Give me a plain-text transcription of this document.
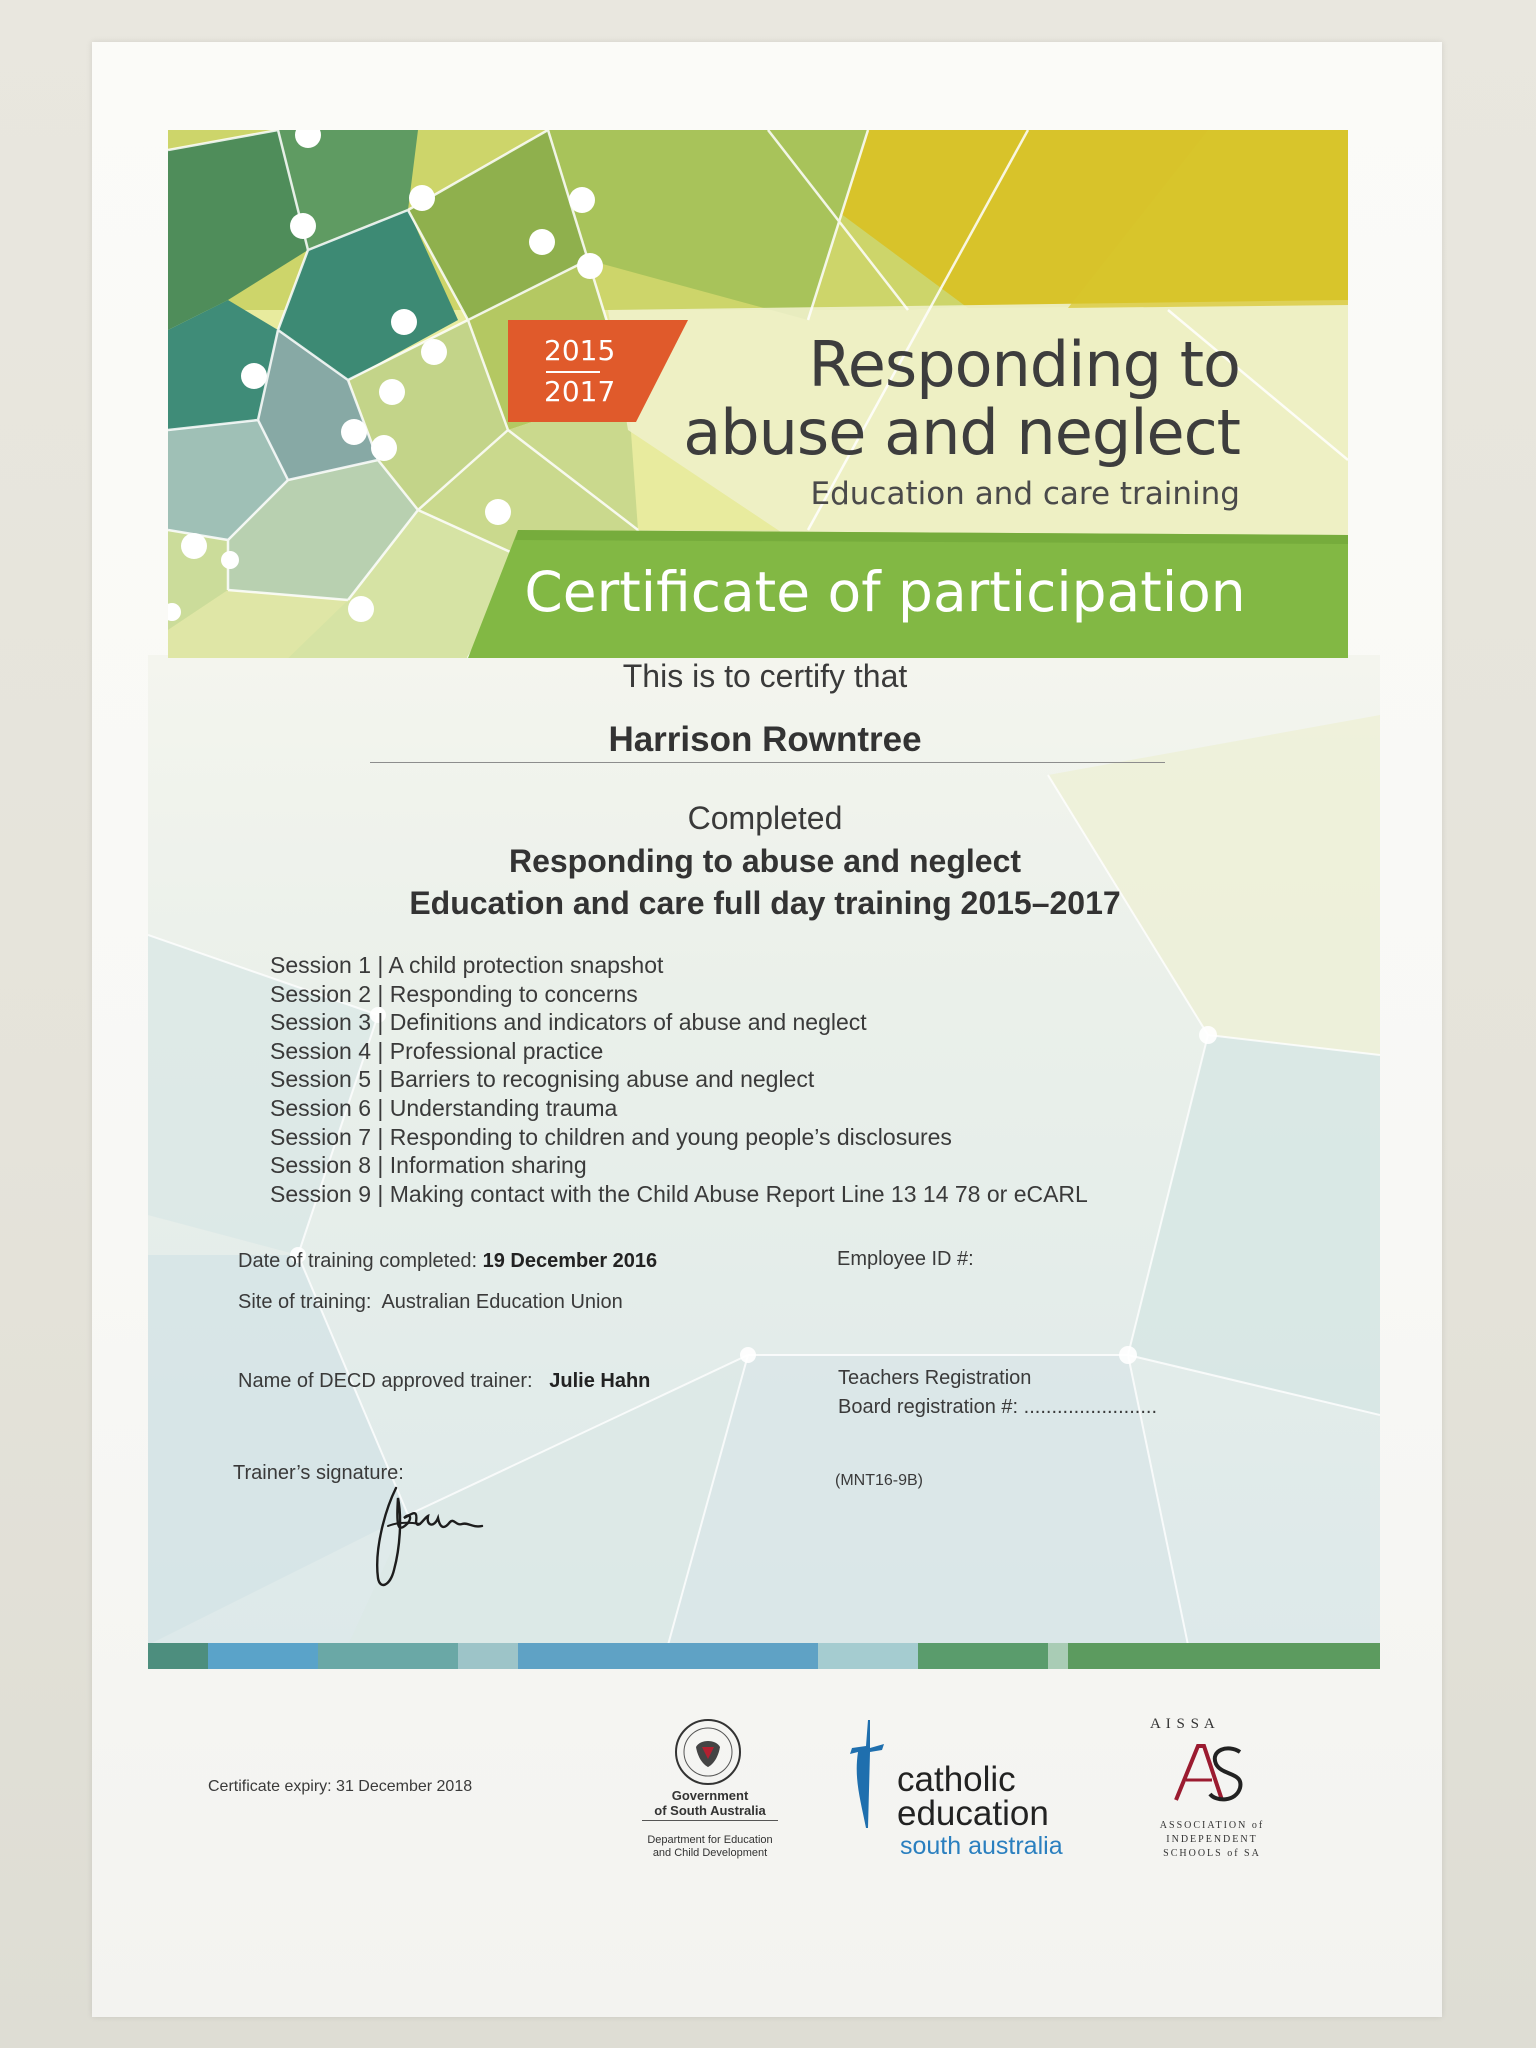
2015
2017	Responding to
abuse and neglect
Education and care training
Certificate of participation
This is to certify that
Harrison Rowntree
Completed
Responding to abuse and neglect
Education and care full day training 2015–2017
Session 1 | A child protection snapshot
Session 2 | Responding to concerns
Session 3 | Definitions and indicators of abuse and neglect
Session 4 | Professional practice
Session 5 | Barriers to recognising abuse and neglect
Session 6 | Understanding trauma
Session 7 | Responding to children and young people’s disclosures
Session 8 | Information sharing
Session 9 | Making contact with the Child Abuse Report Line 13 14 78 or eCARL
Date of training completed: 19 December 2016
Site of training: Australian Education Union
Name of DECD approved trainer: Julie Hahn
Trainer’s signature:
Employee ID #:
Teachers Registration
Board registration #: ........................
(MNT16-9B)
Certificate expiry: 31 December 2018
Government
of South Australia
Department for Education
and Child Development
catholic
education
south australia
A I S S A
ASSOCIATION of
INDEPENDENT
SCHOOLS of SA
